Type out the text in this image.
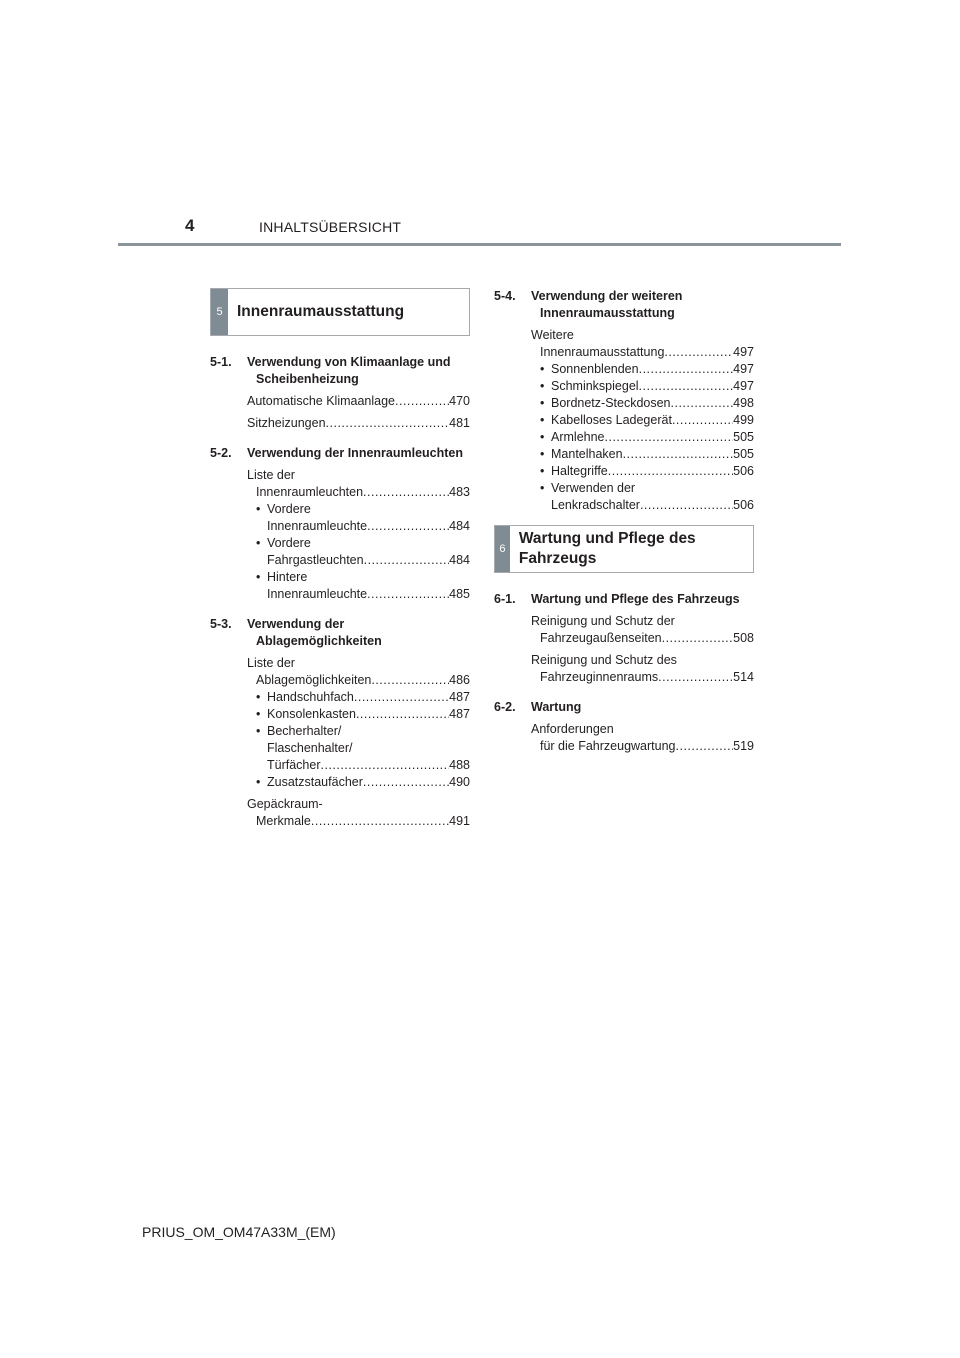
4	INHALTSÜBERSICHT
5 Innenraumausstattung
5-1. Verwendung von Klimaanlage und Scheibenheizung
Automatische Klimaanlage .....	470
Sitzheizungen .....	481
5-2. Verwendung der Innenraumleuchten
Liste der
Innenraumleuchten .....	483
• Vordere
Innenraumleuchte .....	484
• Vordere
Fahrgastleuchten .....	484
• Hintere
Innenraumleuchte .....	485
5-3. Verwendung der Ablagemöglichkeiten
Liste der
Ablagemöglichkeiten .....	486
• Handschuhfach .....	487
• Konsolenkasten .....	487
• Becherhalter/
Flaschenhalter/
Türfächer .....	488
• Zusatzstaufächer .....	490
Gepäckraum-
Merkmale .....	491
5-4. Verwendung der weiteren Innenraumausstattung
Weitere
Innenraumausstattung .....	497
• Sonnenblenden .....	497
• Schminkspiegel .....	497
• Bordnetz-Steckdosen .....	498
• Kabelloses Ladegerät .....	499
• Armlehne .....	505
• Mantelhaken .....	505
• Haltegriffe .....	506
• Verwenden der
Lenkradschalter .....	506
6
Wartung und Pflege des Fahrzeugs
6-1. Wartung und Pflege des Fahrzeugs
Reinigung und Schutz der
Fahrzeugaußenseiten .....	508
Reinigung und Schutz des
Fahrzeuginnenraums .....	514
6-2. Wartung
Anforderungen
für die Fahrzeugwartung .....	519
PRIUS_OM_OM47A33M_(EM)
